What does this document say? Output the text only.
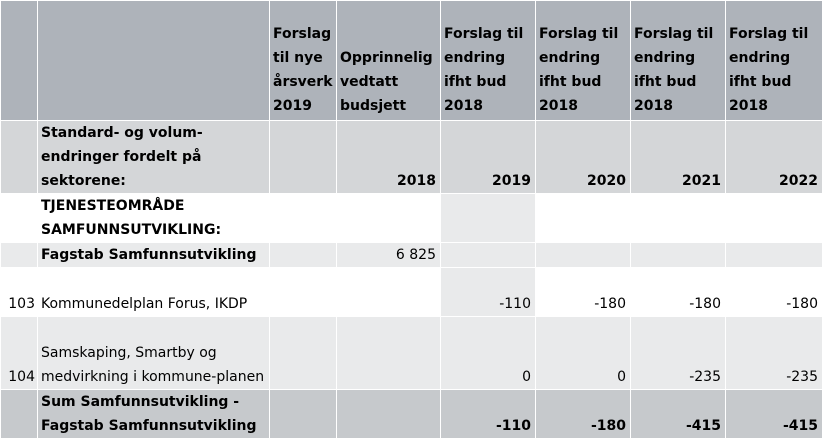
		Forslag til nye årsverk 2019	Opprinnelig vedtatt budsjett	Forslag til endring ifht bud 2018	Forslag til endring ifht bud 2018	Forslag til endring ifht bud 2018	Forslag til endring ifht bud 2018
	Standard- og volum-endringer fordelt på sektorene:		2018	2019	2020	2021	2022
	TJENESTEOMRÅDE SAMFUNNSUTVIKLING:						
	Fagstab Samfunnsutvikling		6 825				
103	Kommunedelplan Forus, IKDP			-110	-180	-180	-180
104	Samskaping, Smartby og medvirkning i kommune-planen			0	0	-235	-235
	Sum Samfunnsutvikling - Fagstab Samfunnsutvikling			-110	-180	-415	-415
